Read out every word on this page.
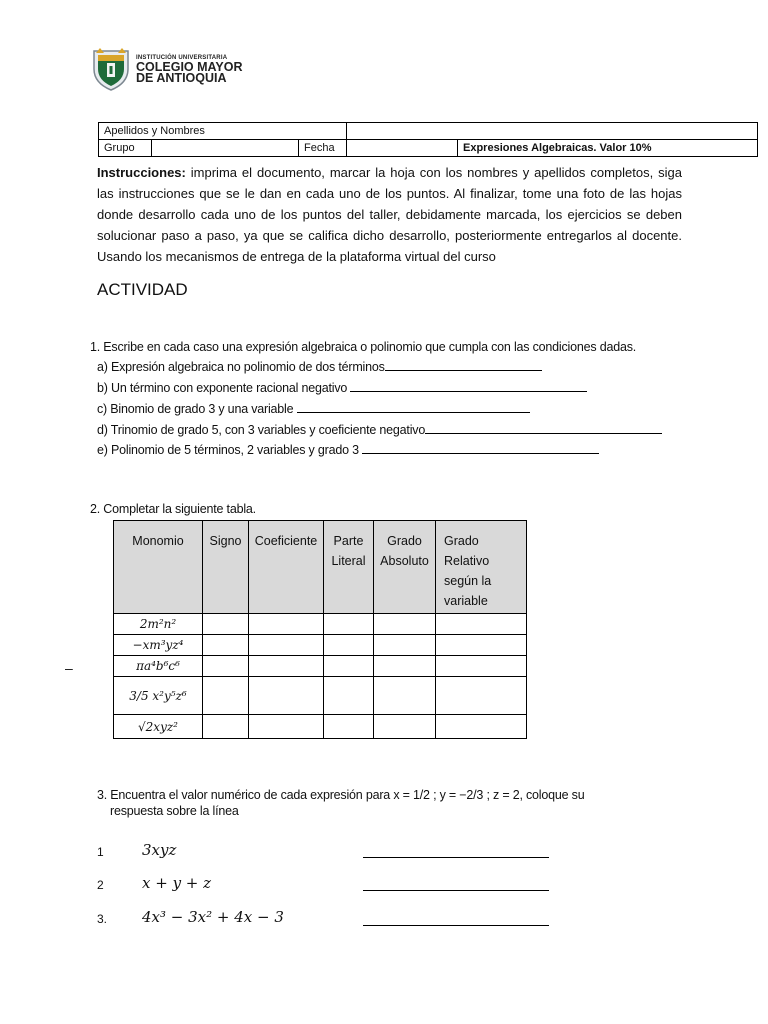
INSTITUCIÓN UNIVERSITARIA
COLEGIO MAYOR
DE ANTIOQUIA
Apellidos y Nombres				
Grupo		Fecha		Expresiones Algebraicas. Valor 10%
Instrucciones: imprima el documento, marcar la hoja con los nombres y apellidos completos, siga las instrucciones que se le dan en cada uno de los puntos. Al finalizar, tome una foto de las hojas donde desarrollo cada uno de los puntos del taller, debidamente marcada, los ejercicios se deben solucionar paso a paso, ya que se califica dicho desarrollo, posteriormente entregarlos al docente. Usando los mecanismos de entrega de la plataforma virtual del curso
ACTIVIDAD
1. Escribe en cada caso una expresión algebraica o polinomio que cumpla con las condiciones dadas.
a) Expresión algebraica no polinomio de dos términos
b) Un término con exponente racional negativo
c) Binomio de grado 3 y una variable
d) Trinomio de grado 5, con 3 variables y coeficiente negativo
e) Polinomio de 5 términos, 2 variables y grado 3
2. Completar la siguiente tabla.
Monomio	Signo	Coeficiente	Parte Literal	Grado Absoluto	Grado Relativo según la variable
2m²n²					
−xm³yz⁴					
πa⁴b⁶c⁶					
3/5 x²y⁵z⁶					
√2xyz²					
–
3. Encuentra el valor numérico de cada expresión para x = 1/2 ; y = −2/3 ; z = 2, coloque su
respuesta sobre la línea
1	3xyz
2	x + y + z
3. 4x³ − 3x² + 4x − 3
